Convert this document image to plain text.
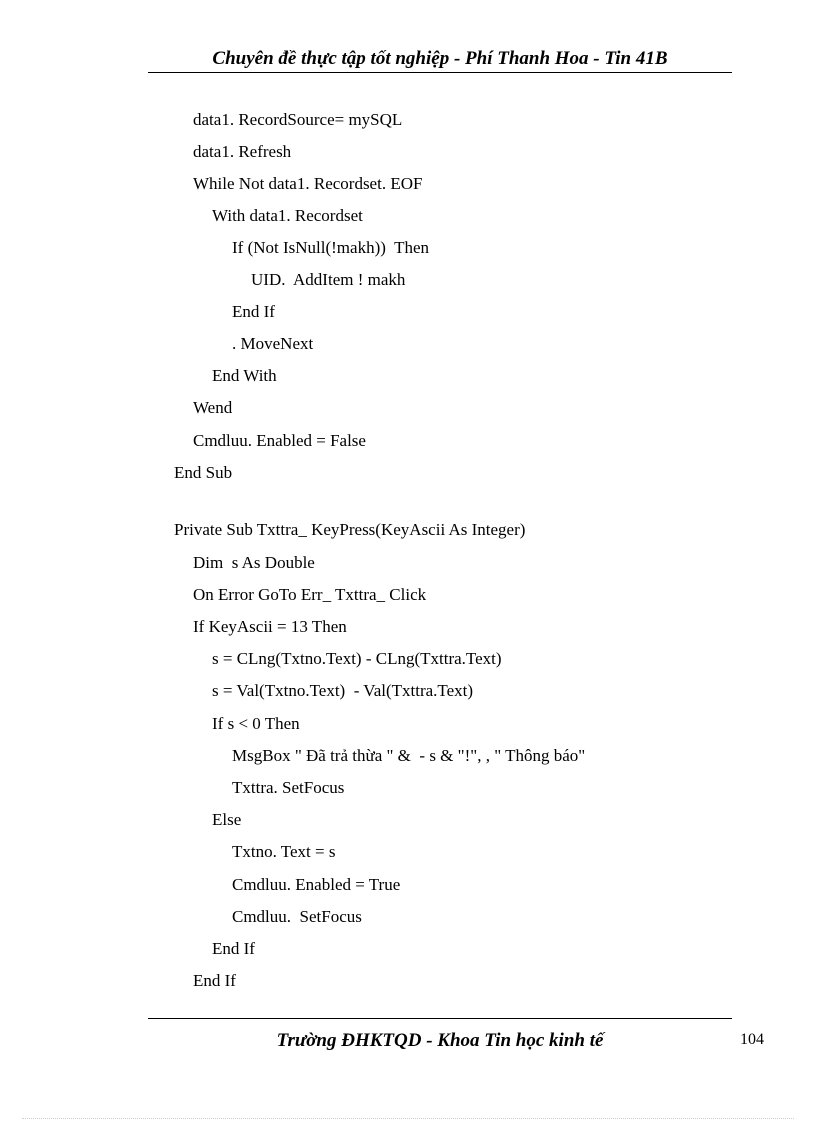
Chuyên đề thực tập tốt nghiệp - Phí Thanh Hoa - Tin 41B
data1. RecordSource= mySQL
data1. Refresh
While Not data1. Recordset. EOF
With data1. Recordset
If (Not IsNull(!makh))  Then
UID.  AddItem ! makh
End If
. MoveNext
End With
Wend
Cmdluu. Enabled = False
End Sub
Private Sub Txttra_ KeyPress(KeyAscii As Integer)
Dim  s As Double
On Error GoTo Err_ Txttra_ Click
If KeyAscii = 13 Then
s = CLng(Txtno.Text) - CLng(Txttra.Text)
s = Val(Txtno.Text)  - Val(Txttra.Text)
If s < 0 Then
MsgBox " Đã trả thừa " &  - s & "!", , " Thông báo"
Txttra. SetFocus
Else
Txtno. Text = s
Cmdluu. Enabled = True
Cmdluu.  SetFocus
End If
End If
Trường ĐHKTQD - Khoa Tin học kinh tế	104
